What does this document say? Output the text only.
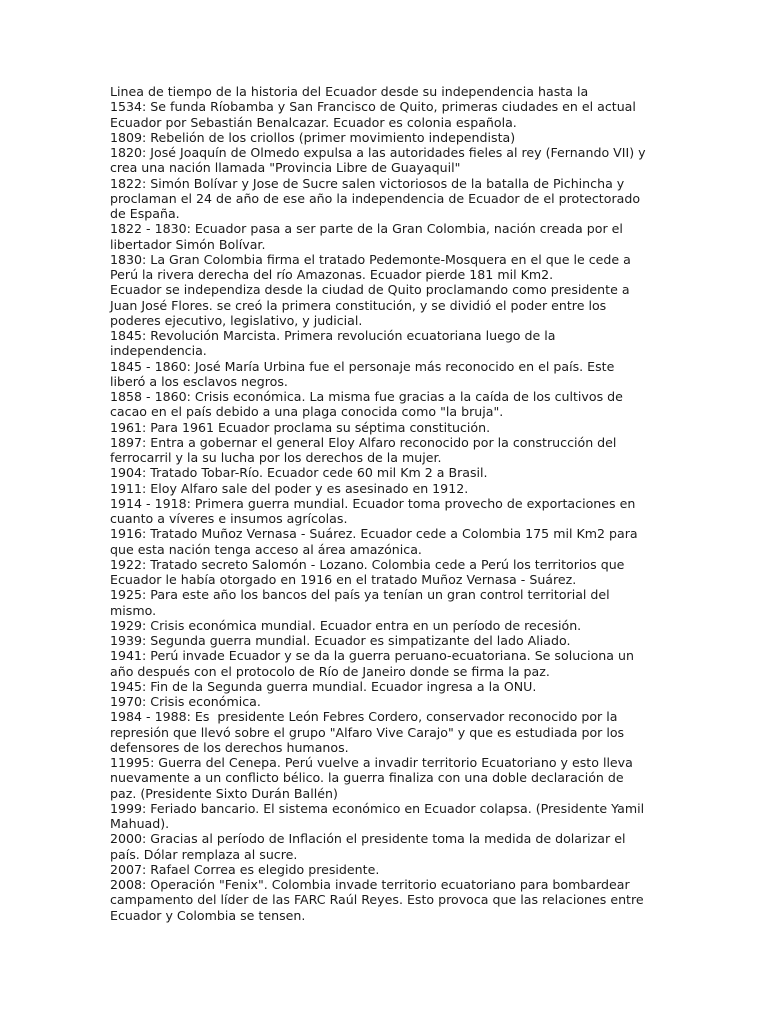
Linea de tiempo de la historia del Ecuador desde su independencia hasta la
1534: Se funda Ríobamba y San Francisco de Quito, primeras ciudades en el actual
Ecuador por Sebastián Benalcazar. Ecuador es colonia española.
1809: Rebelión de los criollos (primer movimiento independista)
1820: José Joaquín de Olmedo expulsa a las autoridades fieles al rey (Fernando VII) y
crea una nación llamada "Provincia Libre de Guayaquil"
1822: Simón Bolívar y Jose de Sucre salen victoriosos de la batalla de Pichincha y
proclaman el 24 de año de ese año la independencia de Ecuador de el protectorado
de España.
1822 - 1830: Ecuador pasa a ser parte de la Gran Colombia, nación creada por el
libertador Simón Bolívar.
1830: La Gran Colombia firma el tratado Pedemonte-Mosquera en el que le cede a
Perú la rivera derecha del río Amazonas. Ecuador pierde 181 mil Km2.
Ecuador se independiza desde la ciudad de Quito proclamando como presidente a
Juan José Flores. se creó la primera constitución, y se dividió el poder entre los
poderes ejecutivo, legislativo, y judicial.
1845: Revolución Marcista. Primera revolución ecuatoriana luego de la
independencia.
1845 - 1860: José María Urbina fue el personaje más reconocido en el país. Este
liberó a los esclavos negros.
1858 - 1860: Crisis económica. La misma fue gracias a la caída de los cultivos de
cacao en el país debido a una plaga conocida como "la bruja".
1961: Para 1961 Ecuador proclama su séptima constitución.
1897: Entra a gobernar el general Eloy Alfaro reconocido por la construcción del
ferrocarril y la su lucha por los derechos de la mujer.
1904: Tratado Tobar-Río. Ecuador cede 60 mil Km 2 a Brasil.
1911: Eloy Alfaro sale del poder y es asesinado en 1912.
1914 - 1918: Primera guerra mundial. Ecuador toma provecho de exportaciones en
cuanto a víveres e insumos agrícolas.
1916: Tratado Muñoz Vernasa - Suárez. Ecuador cede a Colombia 175 mil Km2 para
que esta nación tenga acceso al área amazónica.
1922: Tratado secreto Salomón - Lozano. Colombia cede a Perú los territorios que
Ecuador le había otorgado en 1916 en el tratado Muñoz Vernasa - Suárez.
1925: Para este año los bancos del país ya tenían un gran control territorial del
mismo.
1929: Crisis económica mundial. Ecuador entra en un período de recesión.
1939: Segunda guerra mundial. Ecuador es simpatizante del lado Aliado.
1941: Perú invade Ecuador y se da la guerra peruano-ecuatoriana. Se soluciona un
año después con el protocolo de Río de Janeiro donde se firma la paz.
1945: Fin de la Segunda guerra mundial. Ecuador ingresa a la ONU.
1970: Crisis económica.
1984 - 1988: Es  presidente León Febres Cordero, conservador reconocido por la
represión que llevó sobre el grupo "Alfaro Vive Carajo" y que es estudiada por los
defensores de los derechos humanos.
11995: Guerra del Cenepa. Perú vuelve a invadir territorio Ecuatoriano y esto lleva
nuevamente a un conflicto bélico. la guerra finaliza con una doble declaración de
paz. (Presidente Sixto Durán Ballén)
1999: Feriado bancario. El sistema económico en Ecuador colapsa. (Presidente Yamil
Mahuad).
2000: Gracias al período de Inflación el presidente toma la medida de dolarizar el
país. Dólar remplaza al sucre.
2007: Rafael Correa es elegido presidente.
2008: Operación "Fenix". Colombia invade territorio ecuatoriano para bombardear
campamento del líder de las FARC Raúl Reyes. Esto provoca que las relaciones entre
Ecuador y Colombia se tensen.
